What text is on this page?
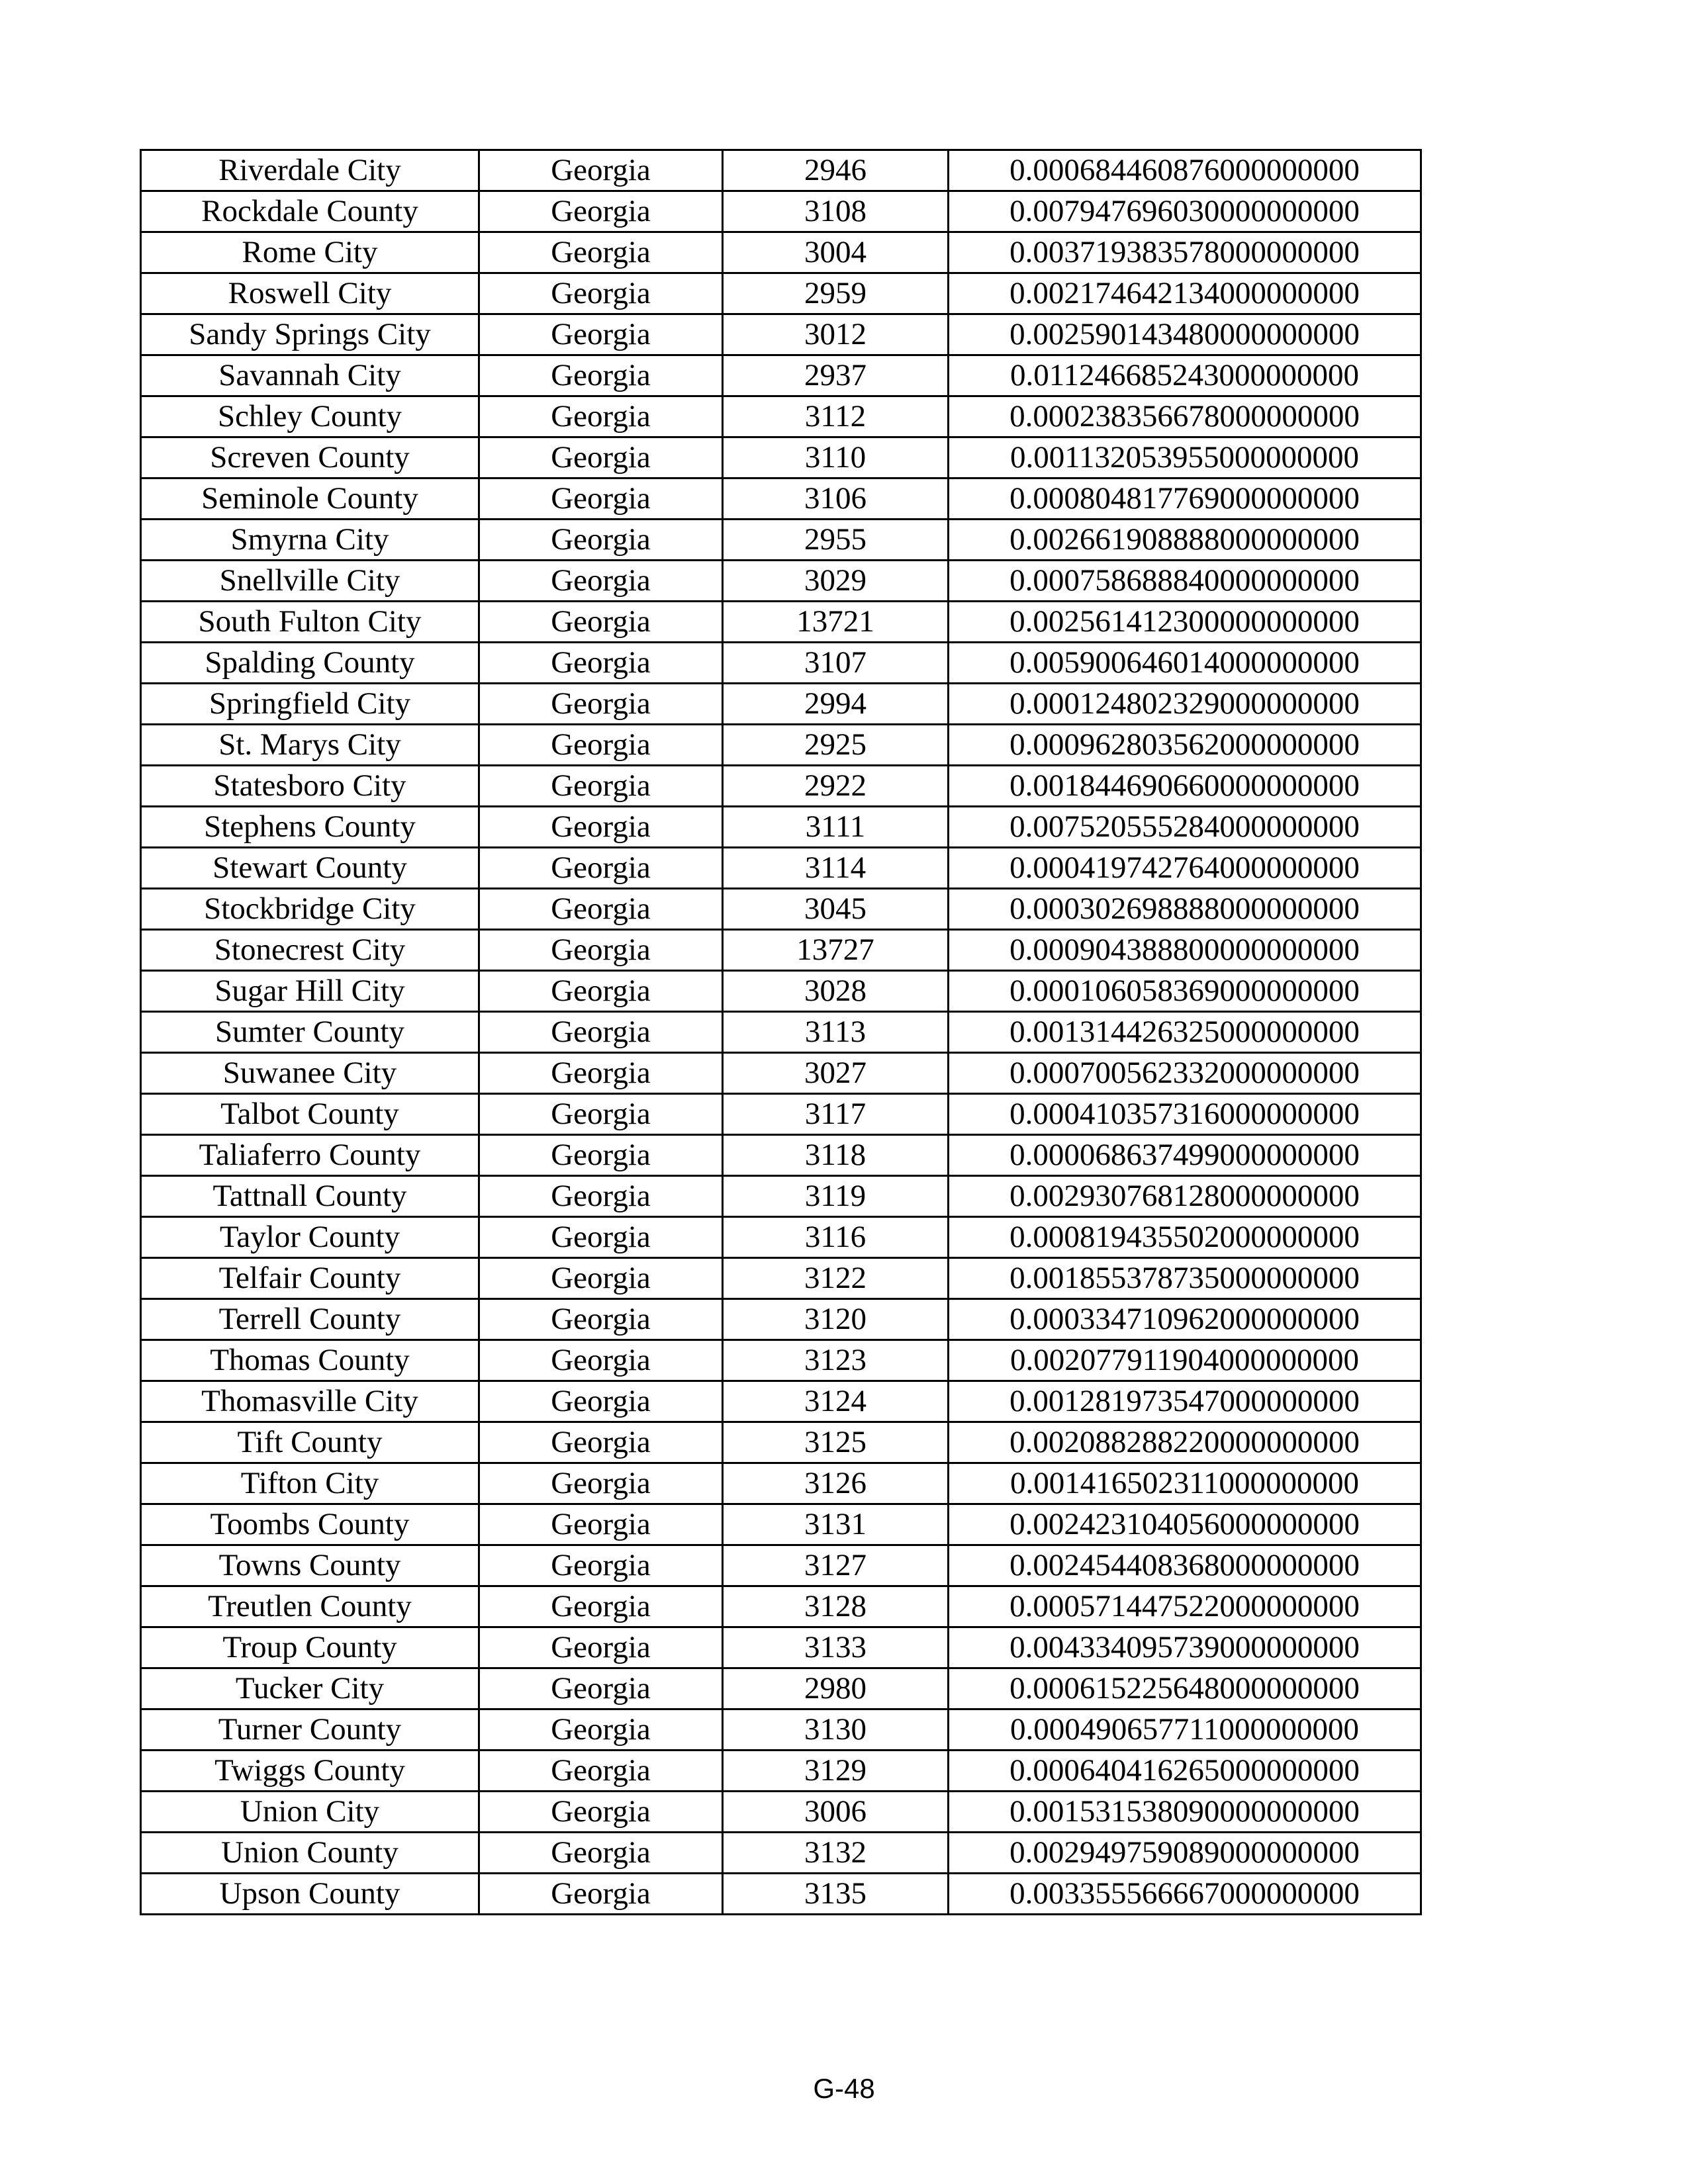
Riverdale City	Georgia	2946	0.000684460876000000000
Rockdale County	Georgia	3108	0.007947696030000000000
Rome City	Georgia	3004	0.003719383578000000000
Roswell City	Georgia	2959	0.002174642134000000000
Sandy Springs City	Georgia	3012	0.002590143480000000000
Savannah City	Georgia	2937	0.011246685243000000000
Schley County	Georgia	3112	0.000238356678000000000
Screven County	Georgia	3110	0.001132053955000000000
Seminole County	Georgia	3106	0.000804817769000000000
Smyrna City	Georgia	2955	0.002661908888000000000
Snellville City	Georgia	3029	0.000758688840000000000
South Fulton City	Georgia	13721	0.002561412300000000000
Spalding County	Georgia	3107	0.005900646014000000000
Springfield City	Georgia	2994	0.000124802329000000000
St. Marys City	Georgia	2925	0.000962803562000000000
Statesboro City	Georgia	2922	0.001844690660000000000
Stephens County	Georgia	3111	0.007520555284000000000
Stewart County	Georgia	3114	0.000419742764000000000
Stockbridge City	Georgia	3045	0.000302698888000000000
Stonecrest City	Georgia	13727	0.000904388800000000000
Sugar Hill City	Georgia	3028	0.000106058369000000000
Sumter County	Georgia	3113	0.001314426325000000000
Suwanee City	Georgia	3027	0.000700562332000000000
Talbot County	Georgia	3117	0.000410357316000000000
Taliaferro County	Georgia	3118	0.000068637499000000000
Tattnall County	Georgia	3119	0.002930768128000000000
Taylor County	Georgia	3116	0.000819435502000000000
Telfair County	Georgia	3122	0.001855378735000000000
Terrell County	Georgia	3120	0.000334710962000000000
Thomas County	Georgia	3123	0.002077911904000000000
Thomasville City	Georgia	3124	0.001281973547000000000
Tift County	Georgia	3125	0.002088288220000000000
Tifton City	Georgia	3126	0.001416502311000000000
Toombs County	Georgia	3131	0.002423104056000000000
Towns County	Georgia	3127	0.002454408368000000000
Treutlen County	Georgia	3128	0.000571447522000000000
Troup County	Georgia	3133	0.004334095739000000000
Tucker City	Georgia	2980	0.000615225648000000000
Turner County	Georgia	3130	0.000490657711000000000
Twiggs County	Georgia	3129	0.000640416265000000000
Union City	Georgia	3006	0.001531538090000000000
Union County	Georgia	3132	0.002949759089000000000
Upson County	Georgia	3135	0.003355566667000000000
G-48
